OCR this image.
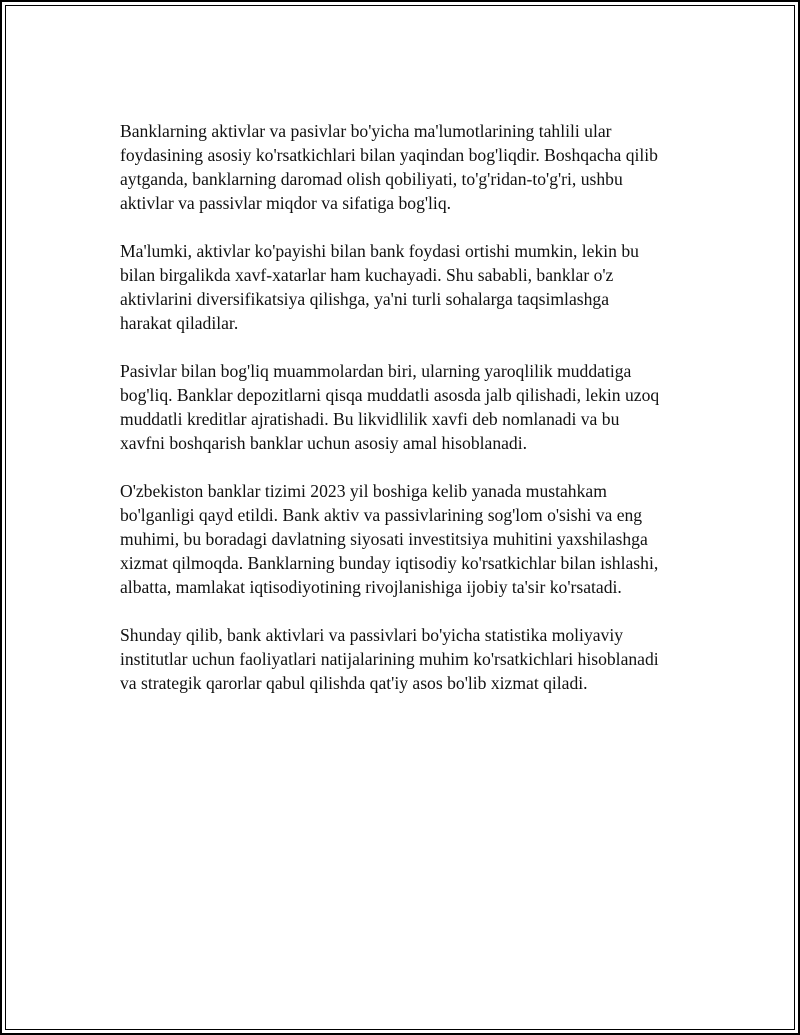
Banklarning aktivlar va pasivlar bo'yicha ma'lumotlarining tahlili ular
foydasining asosiy ko'rsatkichlari bilan yaqindan bog'liqdir. Boshqacha qilib
aytganda, banklarning daromad olish qobiliyati, to'g'ridan-to'g'ri, ushbu
aktivlar va passivlar miqdor va sifatiga bog'liq.

Ma'lumki, aktivlar ko'payishi bilan bank foydasi ortishi mumkin, lekin bu
bilan birgalikda xavf-xatarlar ham kuchayadi. Shu sababli, banklar o'z
aktivlarini diversifikatsiya qilishga, ya'ni turli sohalarga taqsimlashga
harakat qiladilar.

Pasivlar bilan bog'liq muammolardan biri, ularning yaroqlilik muddatiga
bog'liq. Banklar depozitlarni qisqa muddatli asosda jalb qilishadi, lekin uzoq
muddatli kreditlar ajratishadi. Bu likvidlilik xavfi deb nomlanadi va bu
xavfni boshqarish banklar uchun asosiy amal hisoblanadi.

O'zbekiston banklar tizimi 2023 yil boshiga kelib yanada mustahkam
bo'lganligi qayd etildi. Bank aktiv va passivlarining sog'lom o'sishi va eng
muhimi, bu boradagi davlatning siyosati investitsiya muhitini yaxshilashga
xizmat qilmoqda. Banklarning bunday iqtisodiy ko'rsatkichlar bilan ishlashi,
albatta, mamlakat iqtisodiyotining rivojlanishiga ijobiy ta'sir ko'rsatadi.

Shunday qilib, bank aktivlari va passivlari bo'yicha statistika moliyaviy
institutlar uchun faoliyatlari natijalarining muhim ko'rsatkichlari hisoblanadi
va strategik qarorlar qabul qilishda qat'iy asos bo'lib xizmat qiladi.
